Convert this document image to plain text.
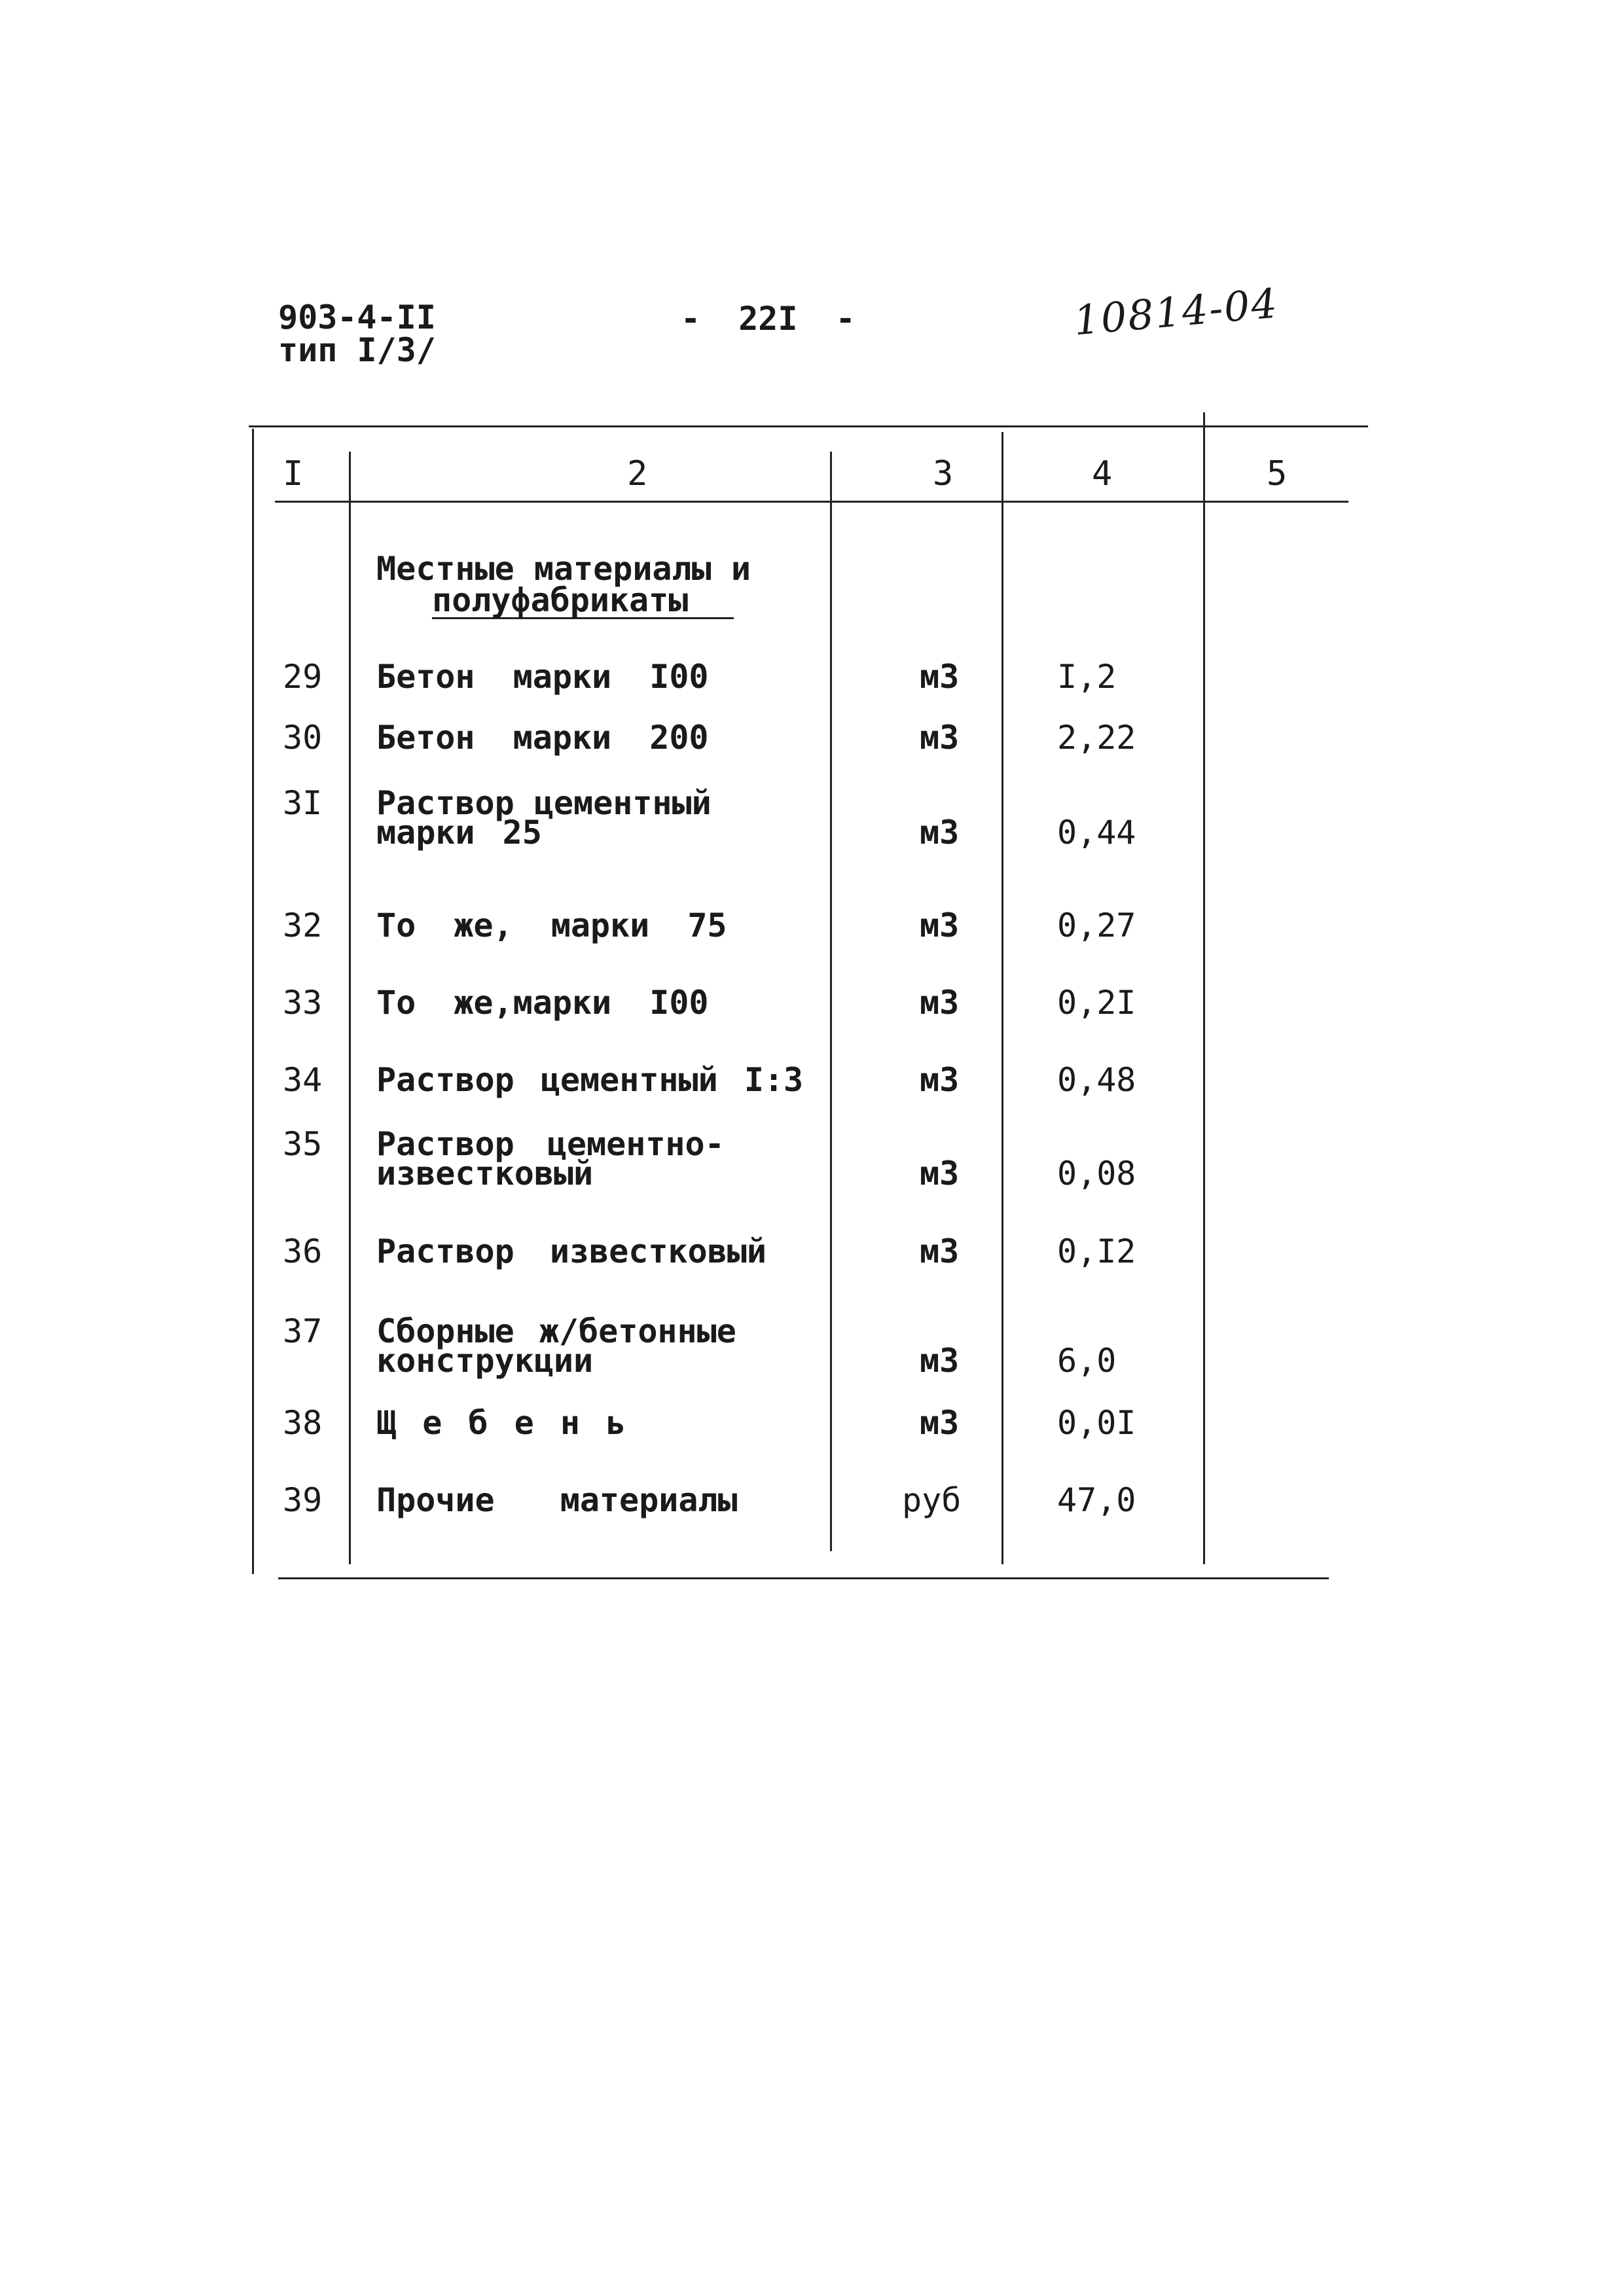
903-4-II
тип I/3/
- 22I -	10814-04
I	2	3	4	5
Местные материалы и
полуфабрикаты
29 Бетон марки I00	м3	I,2
30 Бетон марки 200	м3	2,22
3I Раствор цементный
марки 25	м3	0,44
32 То же, марки 75	м3	0,27
33 То же,марки I00	м3	0,2I
34 Раствор цементный I:3	м3	0,48
35 Раствор цементно-
известковый	м3	0,08
36 Раствор известковый	м3	0,I2
37 Сборные ж/бетонные
конструкции	м3	6,0
38 Щ е б е н ь	м3	0,0I
39 Прочие материалы	руб	47,0
